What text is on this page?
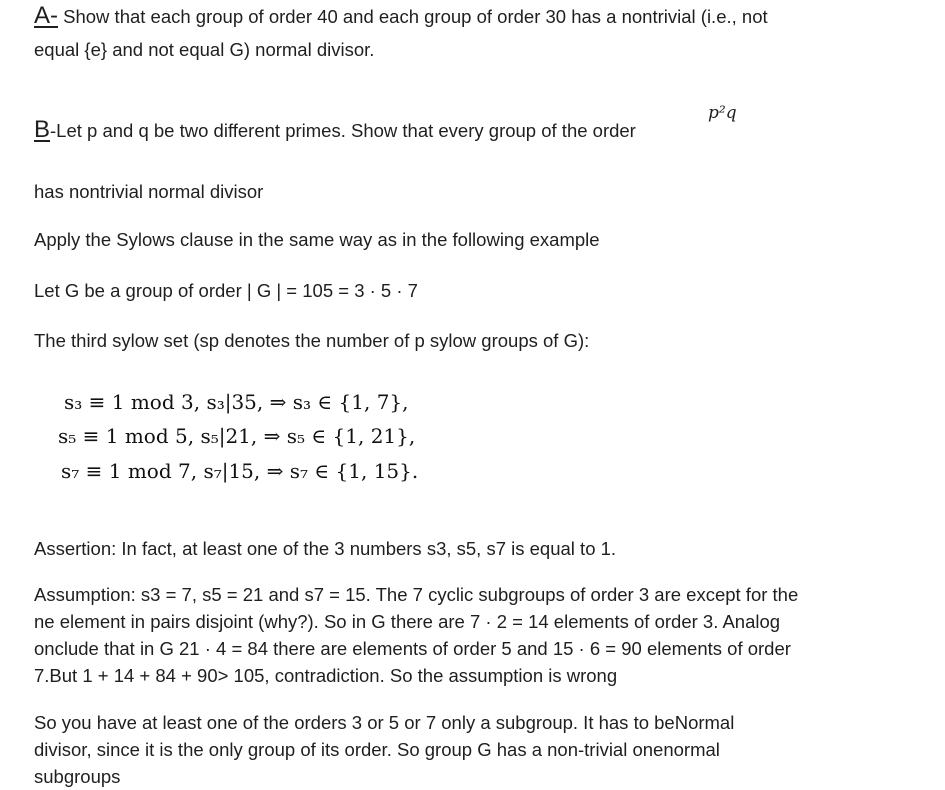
A- Show that each group of order 40 and each group of order 30 has a nontrivial (i.e., not
equal {e} and not equal G) normal divisor.
B-Let p and q be two different primes. Show that every group of the order
p²q
has nontrivial normal divisor
Apply the Sylows clause in the same way as in the following example
Let G be a group of order | G | = 105 = 3 · 5 · 7
The third sylow set (sp denotes the number of p sylow groups of G):
s₃ ≡ 1 mod 3, s₃|35, ⇒ s₃ ∈ {1, 7},
s₅ ≡ 1 mod 5, s₅|21, ⇒ s₅ ∈ {1, 21},
s₇ ≡ 1 mod 7, s₇|15, ⇒ s₇ ∈ {1, 15}.
Assertion: In fact, at least one of the 3 numbers s3, s5, s7 is equal to 1.
Assumption: s3 = 7, s5 = 21 and s7 = 15. The 7 cyclic subgroups of order 3 are except for the
ne element in pairs disjoint (why?). So in G there are 7 · 2 = 14 elements of order 3. Analog
onclude that in G 21 · 4 = 84 there are elements of order 5 and 15 · 6 = 90 elements of order
7.But 1 + 14 + 84 + 90> 105, contradiction. So the assumption is wrong
So you have at least one of the orders 3 or 5 or 7 only a subgroup. It has to beNormal
divisor, since it is the only group of its order. So group G has a non-trivial onenormal
subgroups
